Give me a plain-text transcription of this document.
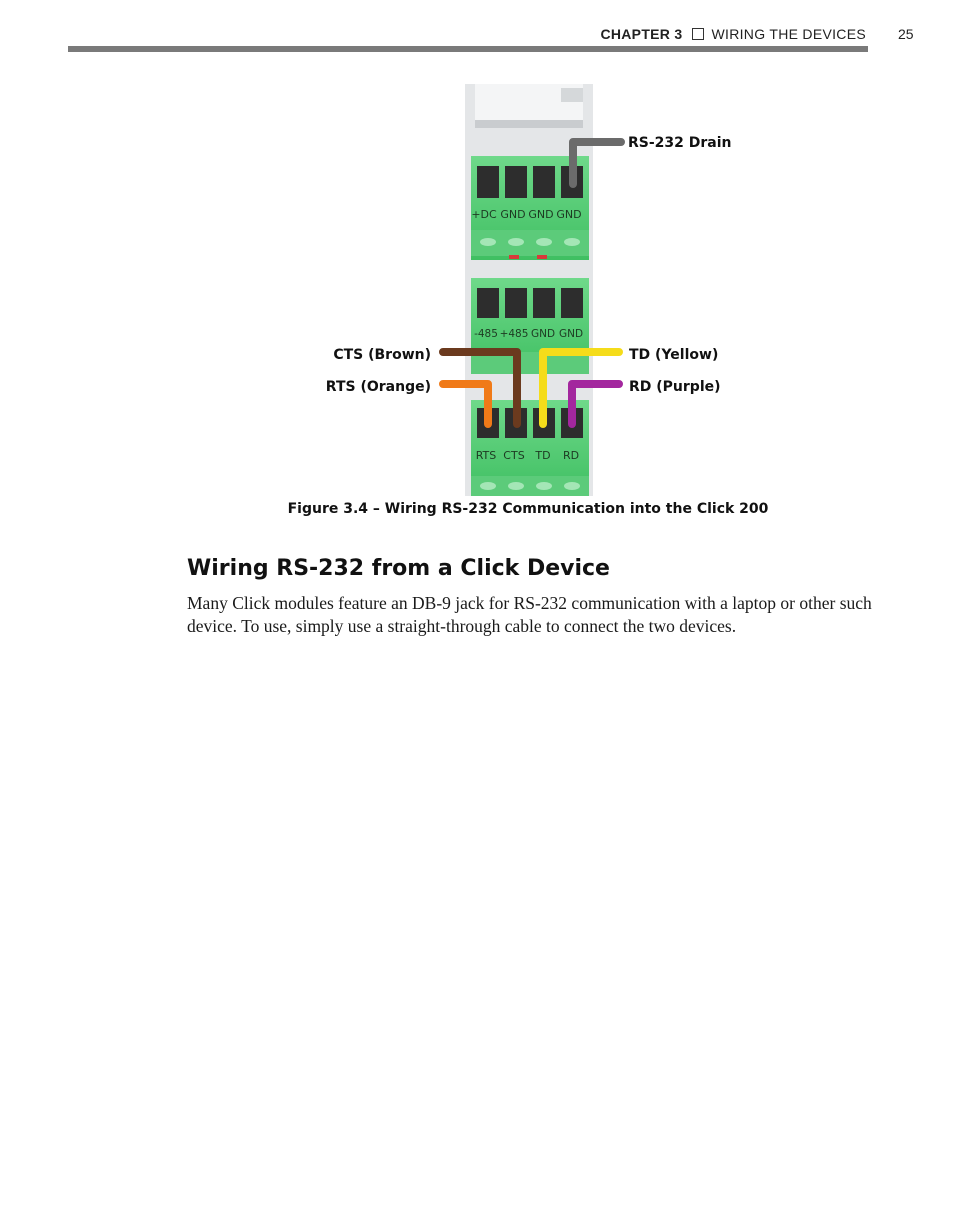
CHAPTER 3 WIRING THE DEVICES 25
+DC GND GND GND
-485 +485 GND GND
RTS CTS TD RD
RS-232 Drain
CTS (Brown)	TD (Yellow)
RTS (Orange)	RD (Purple)
Figure 3.4 – Wiring RS-232 Communication into the Click 200
Wiring RS-232 from a Click Device

Many Click modules feature an DB-9 jack for RS-232 communication with a laptop or other such device. To use, simply use a straight-through cable to connect the two devices.
